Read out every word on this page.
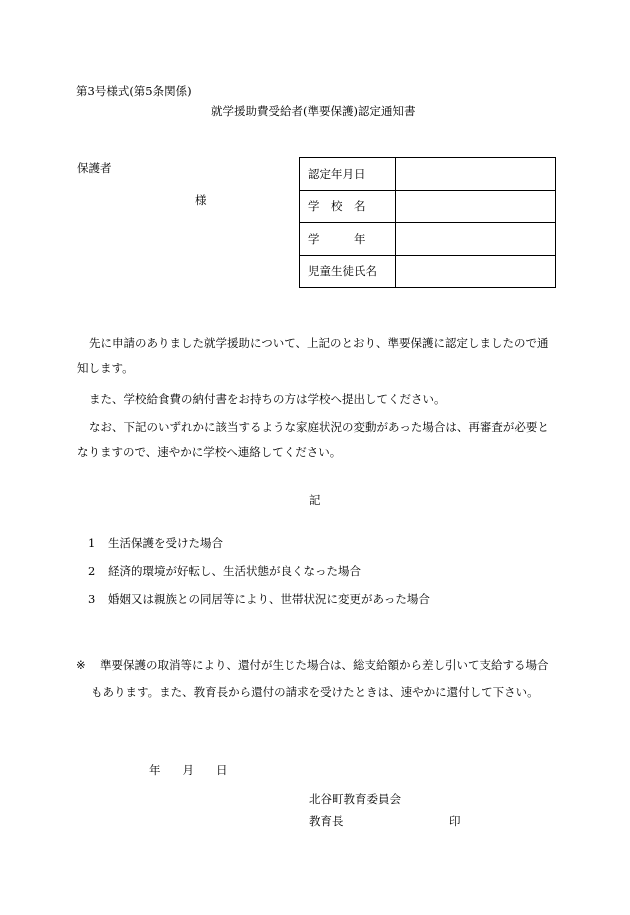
第3号様式(第5条関係)
就学援助費受給者(準要保護)認定通知書
保護者
様
認定年月日	
学　校　名	
学　　　年	
児童生徒氏名	
先に申請のありました就学援助について、上記のとおり、準要保護に認定しましたので通知します。
また、学校給食費の納付書をお持ちの方は学校へ提出してください。
なお、下記のいずれかに該当するような家庭状況の変動があった場合は、再審査が必要となりますので、速やかに学校へ連絡してください。
記
1 生活保護を受けた場合
2 経済的環境が好転し、生活状態が良くなった場合
3 婚姻又は親族との同居等により、世帯状況に変更があった場合
※	準要保護の取消等により、還付が生じた場合は、総支給額から差し引いて支給する場合もあります。また、教育長から還付の請求を受けたときは、速やかに還付して下さい。
年 月 日
北谷町教育委員会
教育長	印
